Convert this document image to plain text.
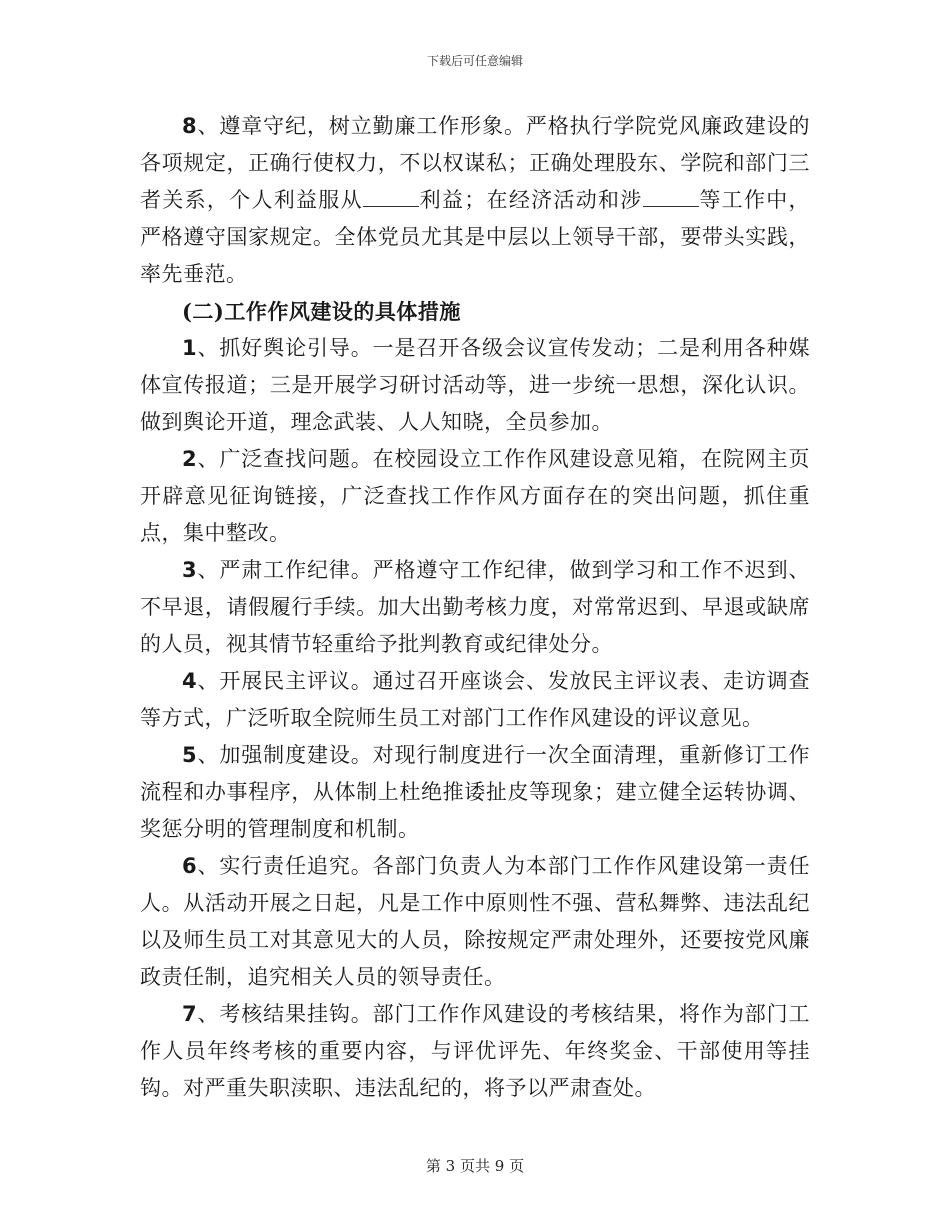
下载后可任意编辑

8、遵章守纪，树立勤廉工作形象。严格执行学院党风廉政建设的各项规定，正确行使权力，不以权谋私；正确处理股东、学院和部门三者关系，个人利益服从	利益；在经济活动和涉	等工作中，严格遵守国家规定。全体党员尤其是中层以上领导干部，要带头实践，率先垂范。

(二)工作作风建设的具体措施

1、抓好舆论引导。一是召开各级会议宣传发动；二是利用各种媒体宣传报道；三是开展学习研讨活动等，进一步统一思想，深化认识。做到舆论开道，理念武装、人人知晓，全员参加。

2、广泛查找问题。在校园设立工作作风建设意见箱，在院网主页开辟意见征询链接，广泛查找工作作风方面存在的突出问题，抓住重点，集中整改。

3、严肃工作纪律。严格遵守工作纪律，做到学习和工作不迟到、不早退，请假履行手续。加大出勤考核力度，对常常迟到、早退或缺席的人员，视其情节轻重给予批判教育或纪律处分。

4、开展民主评议。通过召开座谈会、发放民主评议表、走访调查等方式，广泛听取全院师生员工对部门工作作风建设的评议意见。

5、加强制度建设。对现行制度进行一次全面清理，重新修订工作流程和办事程序，从体制上杜绝推诿扯皮等现象；建立健全运转协调、奖惩分明的管理制度和机制。

6、实行责任追究。各部门负责人为本部门工作作风建设第一责任人。从活动开展之日起，凡是工作中原则性不强、营私舞弊、违法乱纪以及师生员工对其意见大的人员，除按规定严肃处理外，还要按党风廉政责任制，追究相关人员的领导责任。

7、考核结果挂钩。部门工作作风建设的考核结果，将作为部门工作人员年终考核的重要内容，与评优评先、年终奖金、干部使用等挂钩。对严重失职渎职、违法乱纪的，将予以严肃查处。

第 3 页共 9 页
